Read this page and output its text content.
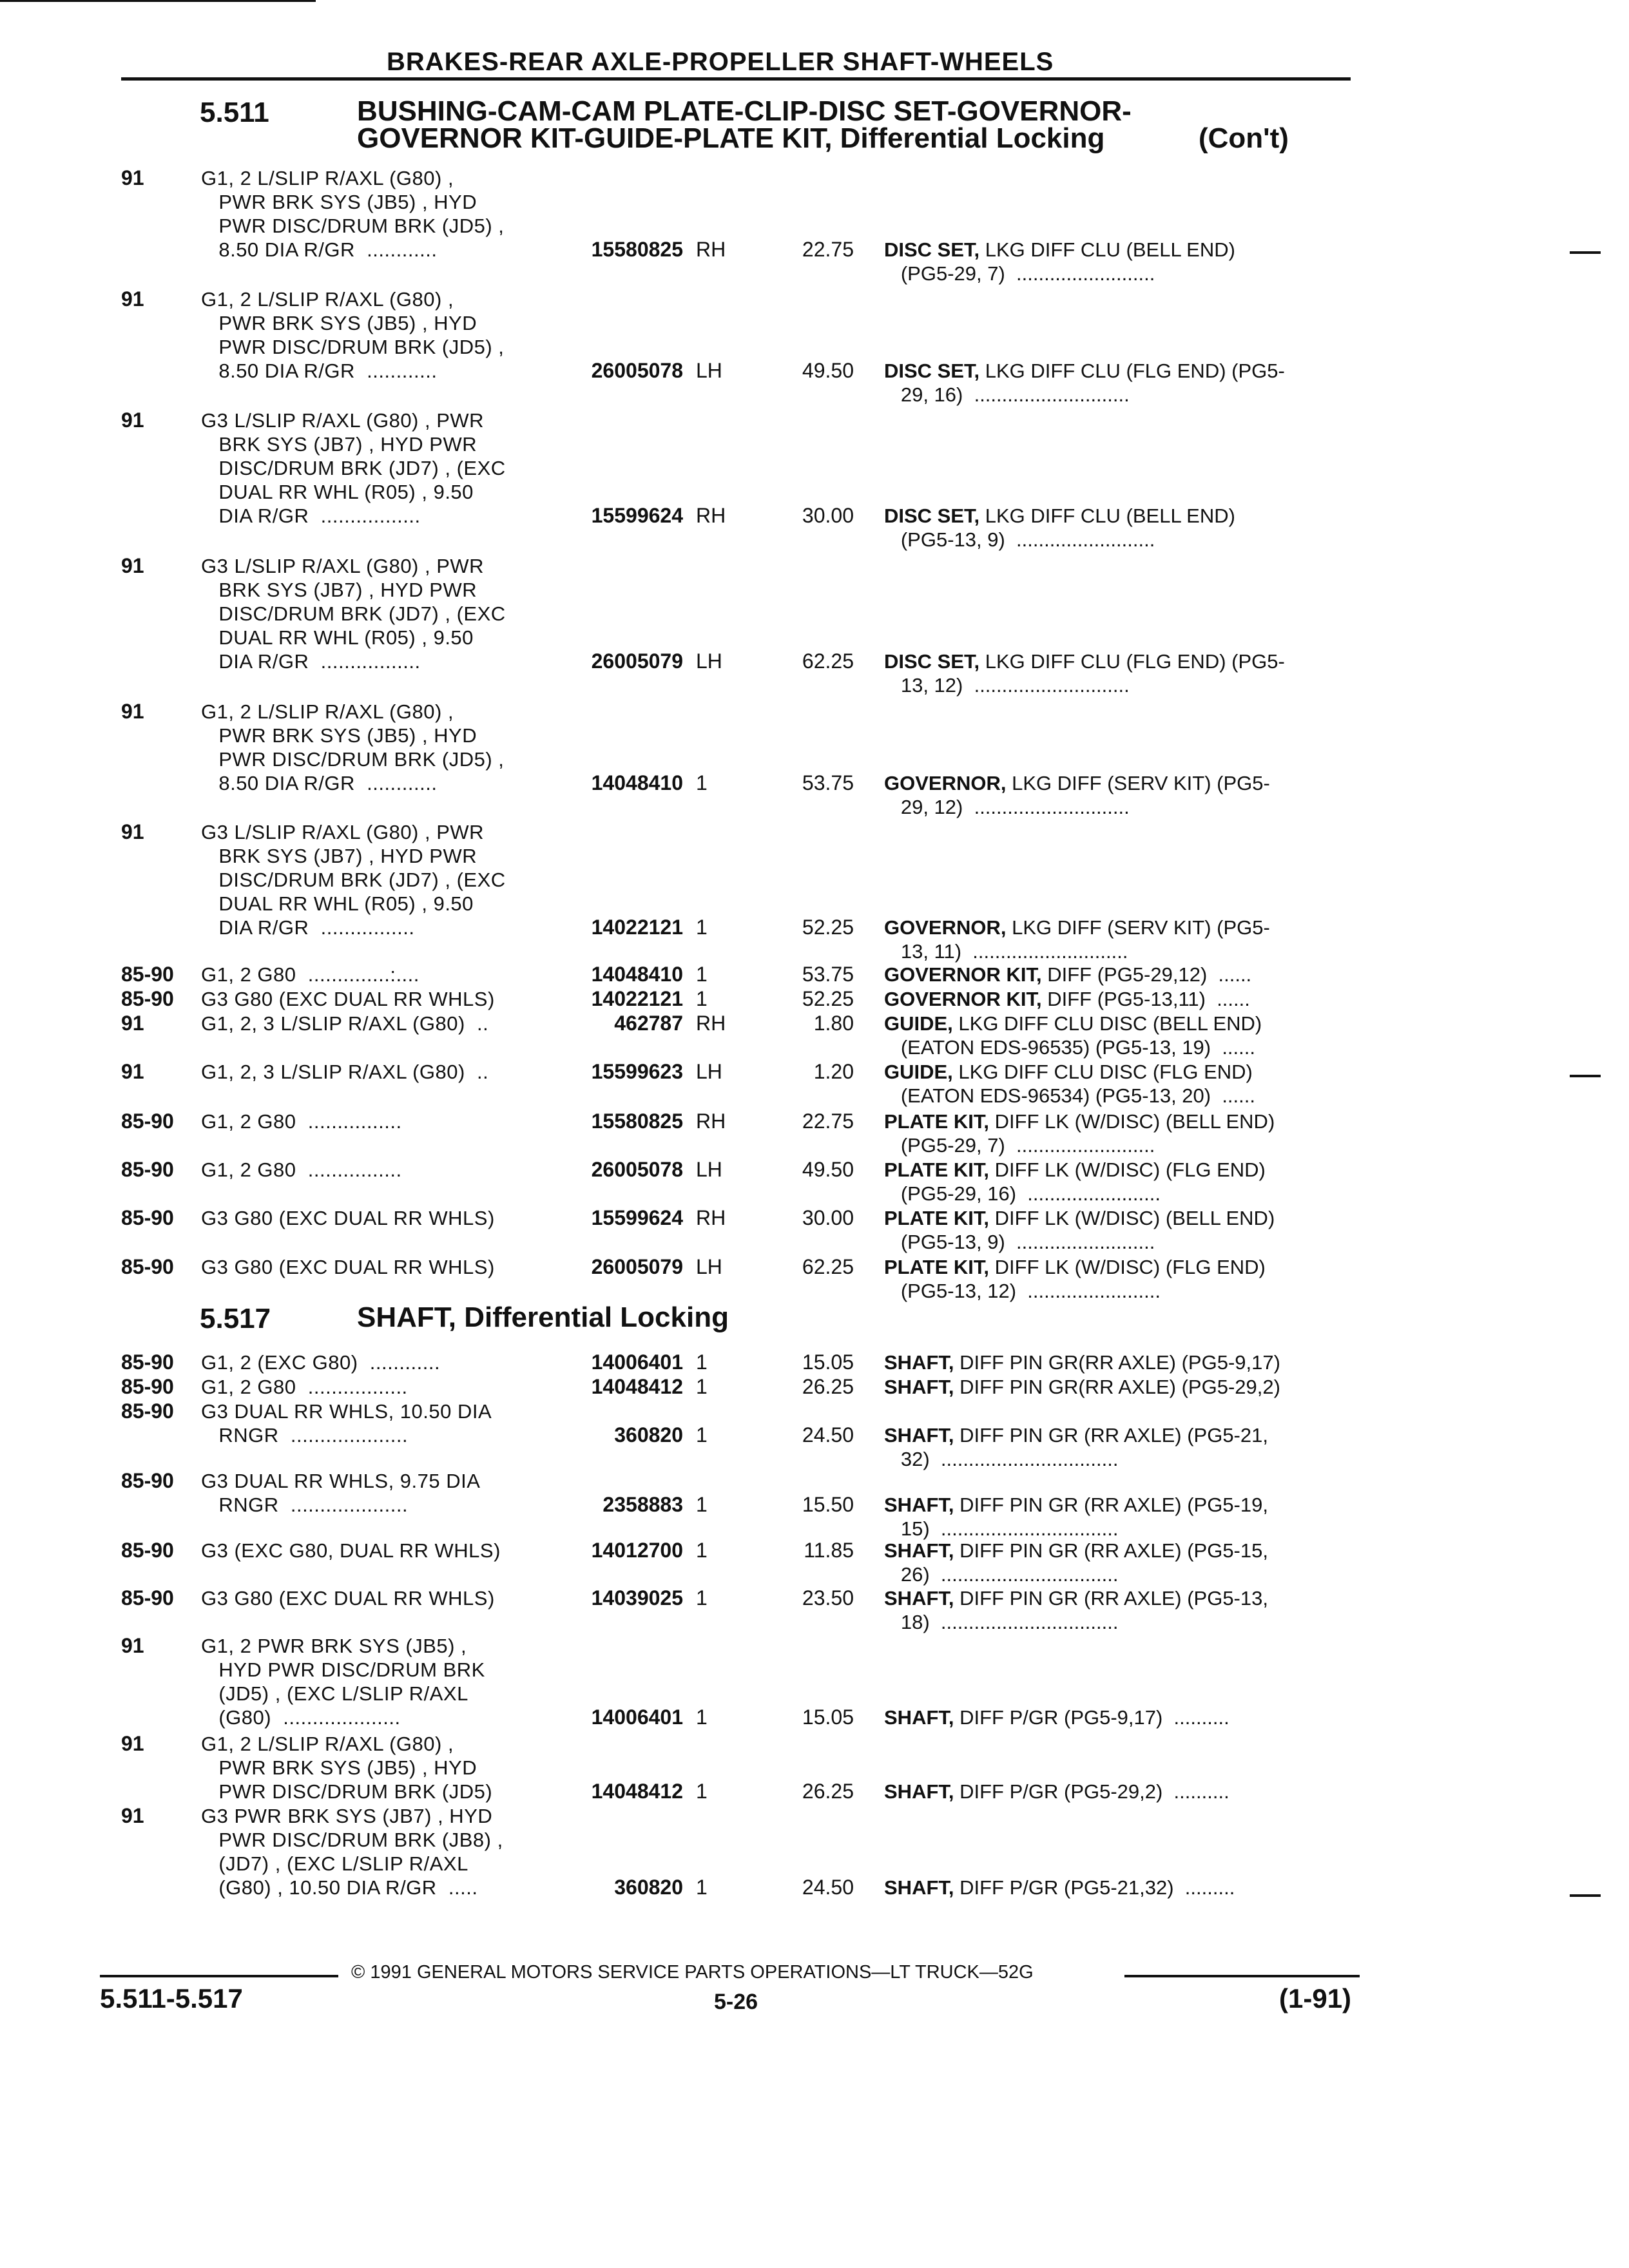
BRAKES-REAR AXLE-PROPELLER SHAFT-WHEELS
5.511	BUSHING-CAM-CAM PLATE-CLIP-DISC SET-GOVERNOR-
GOVERNOR KIT-GUIDE-PLATE KIT, Differential Locking	(Con't)
91	G1, 2 L/SLIP R/AXL (G80) ,
PWR BRK SYS (JB5) , HYD
PWR DISC/DRUM BRK (JD5) ,
8.50 DIA R/GR  ............	15580825 RH	22.75 DISC SET, LKG DIFF CLU (BELL END)
(PG5-29, 7)  .........................
91	G1, 2 L/SLIP R/AXL (G80) ,
PWR BRK SYS (JB5) , HYD
PWR DISC/DRUM BRK (JD5) ,
8.50 DIA R/GR  ............	26005078 LH	49.50 DISC SET, LKG DIFF CLU (FLG END) (PG5-
29, 16)  ............................
91	G3 L/SLIP R/AXL (G80) , PWR
BRK SYS (JB7) , HYD PWR
DISC/DRUM BRK (JD7) , (EXC
DUAL RR WHL (R05) , 9.50
DIA R/GR  .................	15599624 RH	30.00 DISC SET, LKG DIFF CLU (BELL END)
(PG5-13, 9)  .........................
91	G3 L/SLIP R/AXL (G80) , PWR
BRK SYS (JB7) , HYD PWR
DISC/DRUM BRK (JD7) , (EXC
DUAL RR WHL (R05) , 9.50
DIA R/GR  .................	26005079 LH	62.25 DISC SET, LKG DIFF CLU (FLG END) (PG5-
13, 12)  ............................
91	G1, 2 L/SLIP R/AXL (G80) ,
PWR BRK SYS (JB5) , HYD
PWR DISC/DRUM BRK (JD5) ,
8.50 DIA R/GR  ............	14048410 1	53.75 GOVERNOR, LKG DIFF (SERV KIT) (PG5-
29, 12)  ............................
91	G3 L/SLIP R/AXL (G80) , PWR
BRK SYS (JB7) , HYD PWR
DISC/DRUM BRK (JD7) , (EXC
DUAL RR WHL (R05) , 9.50
DIA R/GR  ................	14022121 1	52.25 GOVERNOR, LKG DIFF (SERV KIT) (PG5-
13, 11)  ............................
85-90 G1, 2 G80  ..............:....	14048410 1	53.75 GOVERNOR KIT, DIFF (PG5-29,12)  ......
85-90 G3 G80 (EXC DUAL RR WHLS)	14022121 1	52.25 GOVERNOR KIT, DIFF (PG5-13,11)  ......
91	G1, 2, 3 L/SLIP R/AXL (G80)  ..	462787 RH	1.80 GUIDE, LKG DIFF CLU DISC (BELL END)
(EATON EDS-96535) (PG5-13, 19)  ......
91	G1, 2, 3 L/SLIP R/AXL (G80)  ..	15599623 LH	1.20 GUIDE, LKG DIFF CLU DISC (FLG END)
(EATON EDS-96534) (PG5-13, 20)  ......
85-90 G1, 2 G80  ................	15580825 RH	22.75 PLATE KIT, DIFF LK (W/DISC) (BELL END)
(PG5-29, 7)  .........................
85-90 G1, 2 G80  ................	26005078 LH	49.50 PLATE KIT, DIFF LK (W/DISC) (FLG END)
(PG5-29, 16)  ........................
85-90 G3 G80 (EXC DUAL RR WHLS)	15599624 RH	30.00 PLATE KIT, DIFF LK (W/DISC) (BELL END)
(PG5-13, 9)  .........................
85-90 G3 G80 (EXC DUAL RR WHLS)	26005079 LH	62.25 PLATE KIT, DIFF LK (W/DISC) (FLG END)
(PG5-13, 12)  ........................
5.517	SHAFT, Differential Locking
85-90 G1, 2 (EXC G80)  ............	14006401 1	15.05 SHAFT, DIFF PIN GR(RR AXLE) (PG5-9,17)
85-90 G1, 2 G80  .................	14048412 1	26.25 SHAFT, DIFF PIN GR(RR AXLE) (PG5-29,2)
85-90 G3 DUAL RR WHLS, 10.50 DIA
RNGR  ....................	360820 1	24.50 SHAFT, DIFF PIN GR (RR AXLE) (PG5-21,
32)  ................................
85-90 G3 DUAL RR WHLS, 9.75 DIA
RNGR  ....................	2358883 1	15.50 SHAFT, DIFF PIN GR (RR AXLE) (PG5-19,
15)  ................................
85-90 G3 (EXC G80, DUAL RR WHLS)	14012700 1	11.85 SHAFT, DIFF PIN GR (RR AXLE) (PG5-15,
26)  ................................
85-90 G3 G80 (EXC DUAL RR WHLS)	14039025 1	23.50 SHAFT, DIFF PIN GR (RR AXLE) (PG5-13,
18)  ................................
91	G1, 2 PWR BRK SYS (JB5) ,
HYD PWR DISC/DRUM BRK
(JD5) , (EXC L/SLIP R/AXL
(G80)  ....................	14006401 1	15.05 SHAFT, DIFF P/GR (PG5-9,17)  ..........
91	G1, 2 L/SLIP R/AXL (G80) ,
PWR BRK SYS (JB5) , HYD
PWR DISC/DRUM BRK (JD5)	14048412 1	26.25 SHAFT, DIFF P/GR (PG5-29,2)  ..........
91	G3 PWR BRK SYS (JB7) , HYD
PWR DISC/DRUM BRK (JB8) ,
(JD7) , (EXC L/SLIP R/AXL
(G80) , 10.50 DIA R/GR  .....	360820 1	24.50 SHAFT, DIFF P/GR (PG5-21,32)  .........
© 1991 GENERAL MOTORS SERVICE PARTS OPERATIONS—LT TRUCK—52G
5.511-5.517	5-26	(1-91)
